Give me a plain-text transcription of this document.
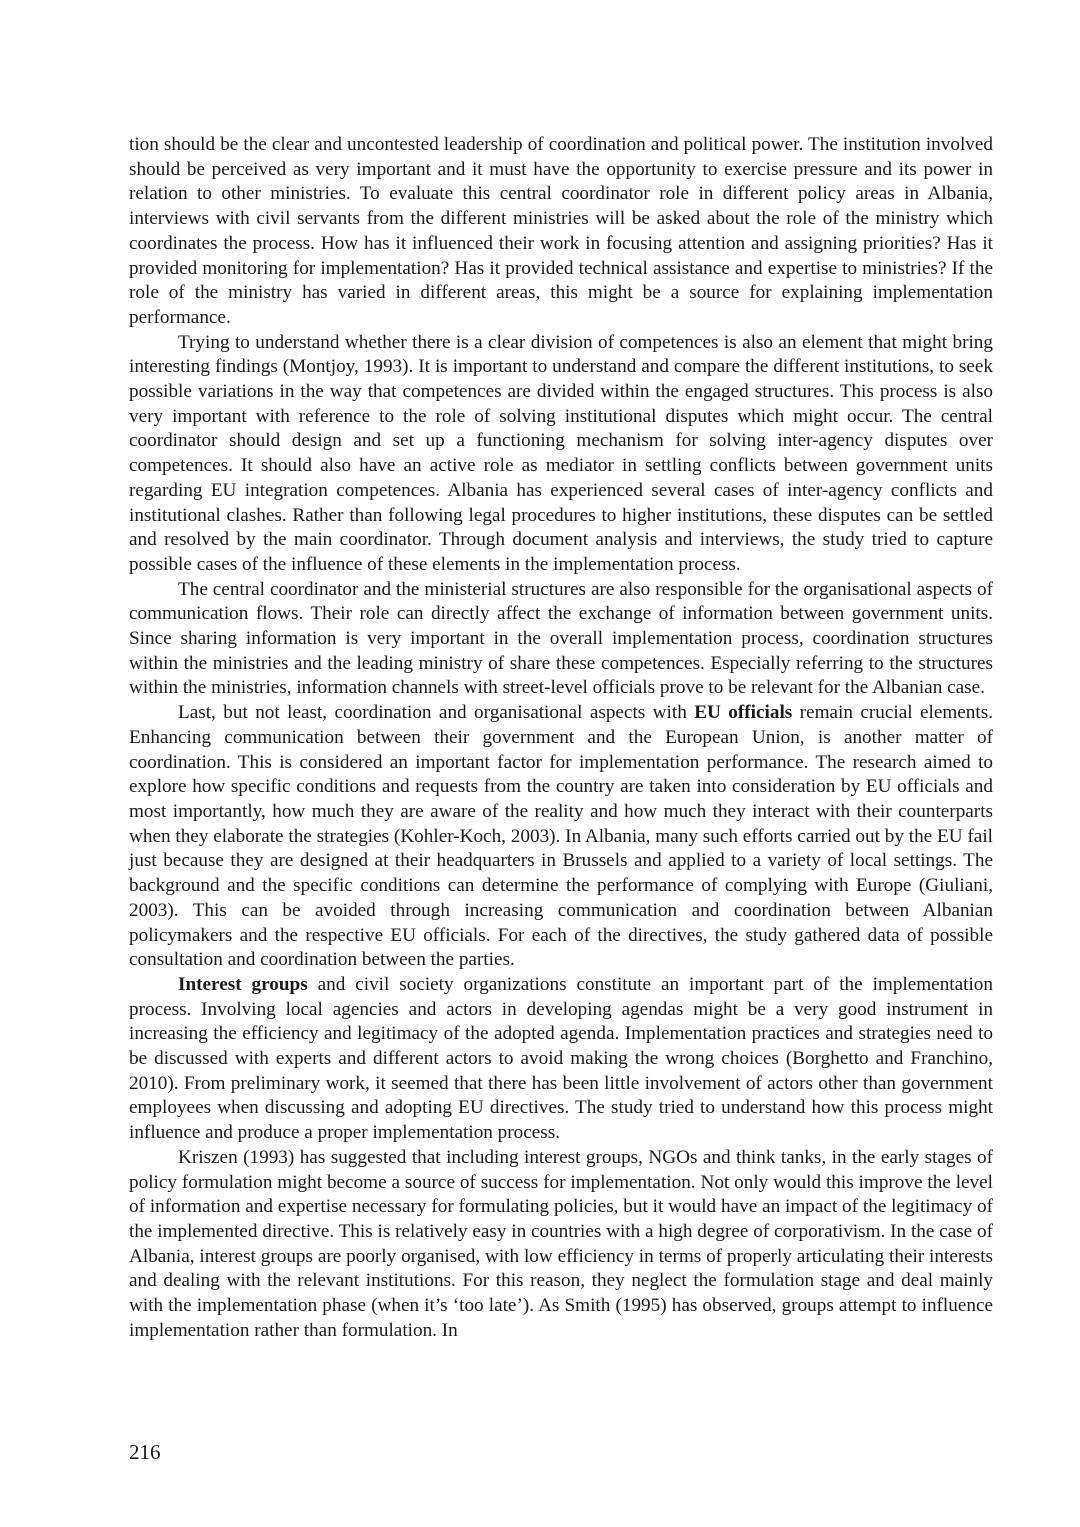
tion should be the clear and uncontested leadership of coordination and political power. The institution involved should be perceived as very important and it must have the opportunity to exercise pressure and its power in relation to other ministries. To evaluate this central coordinator role in different policy areas in Albania, interviews with civil servants from the different ministries will be asked about the role of the ministry which coordinates the process. How has it influenced their work in focusing attention and assigning priorities? Has it provided monitoring for implementation? Has it provided technical assistance and expertise to ministries? If the role of the ministry has varied in different areas, this might be a source for explaining implementation performance.

Trying to understand whether there is a clear division of competences is also an element that might bring interesting findings (Montjoy, 1993). It is important to understand and compare the different institutions, to seek possible variations in the way that competences are divided within the engaged structures. This process is also very important with reference to the role of solving institutional disputes which might occur. The central coordinator should design and set up a functioning mechanism for solving inter-agency disputes over competences. It should also have an active role as mediator in settling conflicts between government units regarding EU integration competences. Albania has experienced several cases of inter-agency conflicts and institutional clashes. Rather than following legal procedures to higher institutions, these disputes can be settled and resolved by the main coordinator. Through document analysis and interviews, the study tried to capture possible cases of the influence of these elements in the implementation process.

The central coordinator and the ministerial structures are also responsible for the organisational aspects of communication flows. Their role can directly affect the exchange of information between government units. Since sharing information is very important in the overall implementation process, coordination structures within the ministries and the leading ministry of share these competences. Especially referring to the structures within the ministries, information channels with street-level officials prove to be relevant for the Albanian case.

Last, but not least, coordination and organisational aspects with EU officials remain crucial elements. Enhancing communication between their government and the European Union, is another matter of coordination. This is considered an important factor for implementation performance. The research aimed to explore how specific conditions and requests from the country are taken into consideration by EU officials and most importantly, how much they are aware of the reality and how much they interact with their counterparts when they elaborate the strategies (Kohler-Koch, 2003). In Albania, many such efforts carried out by the EU fail just because they are designed at their headquarters in Brussels and applied to a variety of local settings. The background and the specific conditions can determine the performance of complying with Europe (Giuliani, 2003). This can be avoided through increasing communication and coordination between Albanian policymakers and the respective EU officials. For each of the directives, the study gathered data of possible consultation and coordination between the parties.

Interest groups and civil society organizations constitute an important part of the implementation process. Involving local agencies and actors in developing agendas might be a very good instrument in increasing the efficiency and legitimacy of the adopted agenda. Implementation practices and strategies need to be discussed with experts and different actors to avoid making the wrong choices (Borghetto and Franchino, 2010). From preliminary work, it seemed that there has been little involvement of actors other than government employees when discussing and adopting EU directives. The study tried to understand how this process might influence and produce a proper implementation process.

Kriszen (1993) has suggested that including interest groups, NGOs and think tanks, in the early stages of policy formulation might become a source of success for implementation. Not only would this improve the level of information and expertise necessary for formulating policies, but it would have an impact of the legitimacy of the implemented directive. This is relatively easy in countries with a high degree of corporativism. In the case of Albania, interest groups are poorly organised, with low efficiency in terms of properly articulating their interests and dealing with the relevant institutions. For this reason, they neglect the formulation stage and deal mainly with the implementation phase (when it’s ‘too late’). As Smith (1995) has observed, groups attempt to influence implementation rather than formulation. In

216
